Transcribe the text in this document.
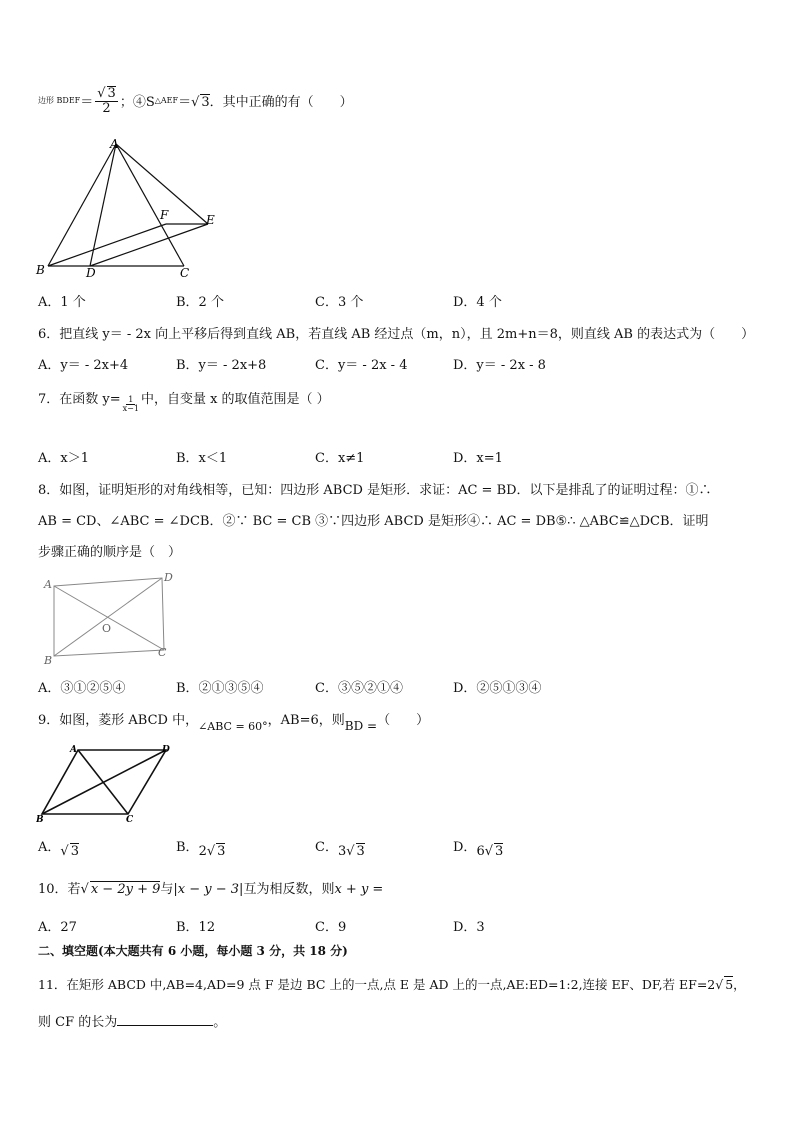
边形 BDEF＝ $\frac{√ 3}{2}$ ；④S△AEF＝√ 3．其中正确的有（　　）
A
B	C
D
E
F
A．1 个	B．2 个	C．3 个	D．4 个
6．把直线 y＝ - 2x 向上平移后得到直线 AB，若直线 AB 经过点（m，n），且 2m+n＝8，则直线 AB 的表达式为（　　）
A．y＝ - 2x+4	B．y＝ - 2x+8	C．y＝ - 2x - 4	D．y＝ - 2x - 8
7．在函数 $y= \frac{1}{x-1}$ 中，自变量 x 的取值范围是（ ）
A．x＞1	B．x＜1	C．x≠1	D．x=1
8．如图，证明矩形的对角线相等，已知：四边形 ABCD 是矩形．求证：AC = BD．以下是排乱了的证明过程：①∴
AB = CD、∠ABC = ∠DCB．②∵ BC = CB ③∵四边形 ABCD 是矩形④∴ AC = DB⑤∴ △ABC≌△DCB．证明
步骤正确的顺序是（　）
A
B
C
D
O
A．③①②⑤④	B．②①③⑤④	C．③⑤②①④	D．②⑤①③④
9．如图，菱形 ABCD 中，$_{\angle ABC = 60^\circ}$，AB=6，则BD =（　　）
A
B	C
D
A．√ 3	B．2√ 3	C．3√ 3	D．6√ 3
10．若√ x − 2y + 9与|x − y − 3|互为相反数，则x + y =
A．27	B．12	C．9	D．3
二、填空题(本大题共有 6 小题，每小题 3 分，共 18 分)
11．在矩形 ABCD 中,AB=4,AD=9 点 F 是边 BC 上的一点,点 E 是 AD 上的一点,AE:ED=1:2,连接 EF、DF,若 EF=2√ 5，
则 CF 的长为	。
